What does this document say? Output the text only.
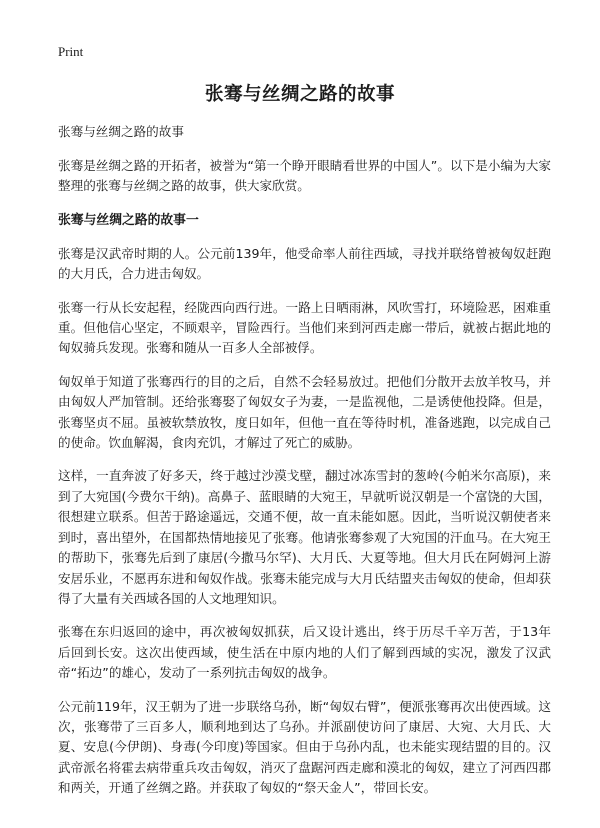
Print
张骞与丝绸之路的故事

张骞与丝绸之路的故事

张骞是丝绸之路的开拓者，被誉为“第一个睁开眼睛看世界的中国人”。以下是小编为大家整理的张骞与丝绸之路的故事，供大家欣赏。

张骞与丝绸之路的故事一

张骞是汉武帝时期的人。公元前139年，他受命率人前往西域，寻找并联络曾被匈奴赶跑的大月氏，合力进击匈奴。

张骞一行从长安起程，经陇西向西行进。一路上日晒雨淋，风吹雪打，环境险恶，困难重重。但他信心坚定，不顾艰辛，冒险西行。当他们来到河西走廊一带后，就被占据此地的匈奴骑兵发现。张骞和随从一百多人全部被俘。

匈奴单于知道了张骞西行的目的之后，自然不会轻易放过。把他们分散开去放羊牧马，并由匈奴人严加管制。还给张骞娶了匈奴女子为妻，一是监视他，二是诱使他投降。但是，张骞坚贞不屈。虽被软禁放牧，度日如年，但他一直在等待时机，准备逃跑，以完成自己的使命。饮血解渴，食肉充饥，才解过了死亡的威胁。

这样，一直奔波了好多天，终于越过沙漠戈壁，翻过冰冻雪封的葱岭(今帕米尔高原)，来到了大宛国(今费尔干纳)。高鼻子、蓝眼睛的大宛王，早就听说汉朝是一个富饶的大国，很想建立联系。但苦于路途遥远，交通不便，故一直未能如愿。因此，当听说汉朝使者来到时，喜出望外，在国都热情地接见了张骞。他请张骞参观了大宛国的汗血马。在大宛王的帮助下，张骞先后到了康居(今撒马尔罕)、大月氏、大夏等地。但大月氏在阿姆河上游安居乐业，不愿再东进和匈奴作战。张骞未能完成与大月氏结盟夹击匈奴的使命，但却获得了大量有关西域各国的人文地理知识。

张骞在东归返回的途中，再次被匈奴抓获，后又设计逃出，终于历尽千辛万苦，于13年后回到长安。这次出使西域，使生活在中原内地的人们了解到西域的实况，激发了汉武帝“拓边”的雄心，发动了一系列抗击匈奴的战争。

公元前119年，汉王朝为了进一步联络乌孙，断“匈奴右臂”，便派张骞再次出使西域。这次，张骞带了三百多人，顺利地到达了乌孙。并派副使访问了康居、大宛、大月氏、大夏、安息(今伊朗)、身毒(今印度)等国家。但由于乌孙内乱，也未能实现结盟的目的。汉武帝派名将霍去病带重兵攻击匈奴，消灭了盘踞河西走廊和漠北的匈奴，建立了河西四郡和两关，开通了丝绸之路。并获取了匈奴的“祭天金人”，带回长安。
